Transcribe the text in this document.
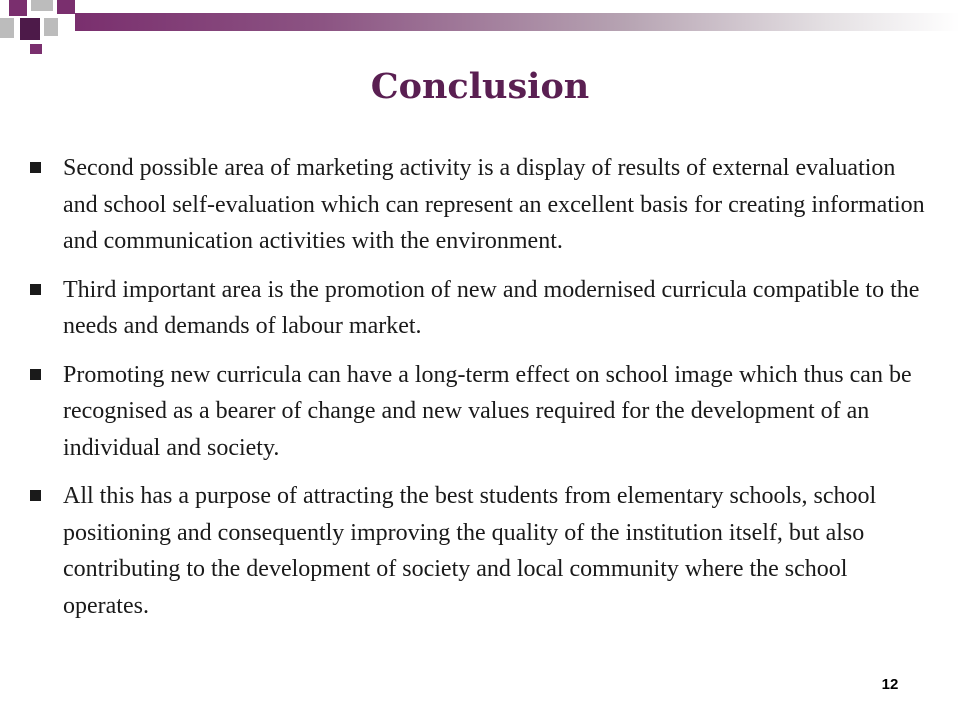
Conclusion
Second possible area of marketing activity is a display of results of external evaluation and school self-evaluation which can represent an excellent basis for creating information and communication activities with the environment.
Third important area is the promotion of new and modernised curricula compatible to the needs and demands of labour market.
Promoting new curricula can have a long-term effect on school image which thus can be recognised as a bearer of change and new values required for the development of an individual and society.
All this has a purpose of attracting the best students from elementary schools, school positioning and consequently improving the quality of the institution itself, but also contributing to the development of society and local community where the school operates.
12
